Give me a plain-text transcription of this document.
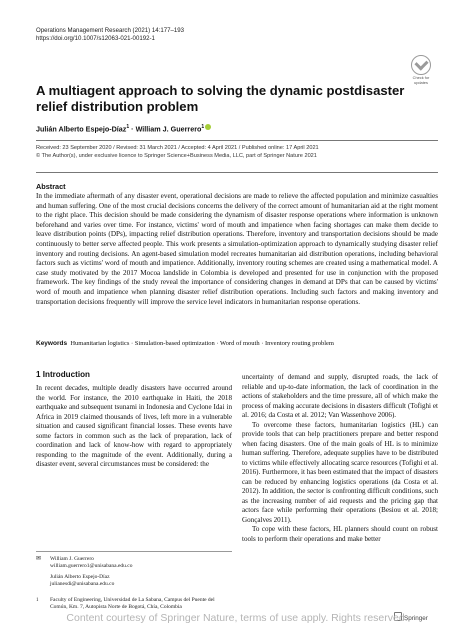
Operations Management Research (2021) 14:177–193
https://doi.org/10.1007/s12063-021-00192-1
Check for
updates
A multiagent approach to solving the dynamic postdisaster relief distribution problem
Julián Alberto Espejo-Díaz$^1$ · William J. Guerrero$^1$
Received: 23 September 2020 / Revised: 31 March 2021 / Accepted: 4 April 2021 / Published online: 17 April 2021
© The Author(s), under exclusive licence to Springer Science+Business Media, LLC, part of Springer Nature 2021
Abstract
In the immediate aftermath of any disaster event, operational decisions are made to relieve the affected population and minimize casualties and human suffering. One of the most crucial decisions concerns the delivery of the correct amount of humanitarian aid at the right moment to the right place. This decision should be made considering the dynamism of disaster response operations where information is unknown beforehand and varies over time. For instance, victims' word of mouth and impatience when facing shortages can make them decide to leave distribution points (DPs), impacting relief distribution operations. Therefore, inventory and transportation decisions should be made continuously to better serve affected people. This work presents a simulation-optimization approach to dynamically studying disaster relief inventory and routing decisions. An agent-based simulation model recreates humanitarian aid distribution operations, including behavioral factors such as victims' word of mouth and impatience. Additionally, inventory routing schemes are created using a mathematical model. A case study motivated by the 2017 Mocoa landslide in Colombia is developed and presented for use in conjunction with the proposed framework. The key findings of the study reveal the importance of considering changes in demand at DPs that can be caused by victims' word of mouth and impatience when planning disaster relief distribution operations. Including such factors and making inventory and transportation decisions frequently will improve the service level indicators in humanitarian response operations.
Keywords Humanitarian logistics · Simulation-based optimization · Word of mouth · Inventory routing problem
1 Introduction

In recent decades, multiple deadly disasters have occurred around the world. For instance, the 2010 earthquake in Haiti, the 2018 earthquake and subsequent tsunami in Indonesia and Cyclone Idai in Africa in 2019 claimed thousands of lives, left more in a vulnerable situation and caused significant financial losses. These events have some factors in common such as the lack of preparation, lack of coordination and lack of know-how with regard to appropriately responding to the magnitude of the event. Additionally, during a disaster event, several circumstances must be considered: the

uncertainty of demand and supply, disrupted roads, the lack of reliable and up-to-date information, the lack of coordination in the actions of stakeholders and the time pressure, all of which make the process of making accurate decisions in disasters difficult (Tofighi et al. 2016; da Costa et al. 2012; Van Wassenhove 2006).

To overcome these factors, humanitarian logistics (HL) can provide tools that can help practitioners prepare and better respond when facing disasters. One of the main goals of HL is to minimize human suffering. Therefore, adequate supplies have to be distributed to victims while effectively allocating scarce resources (Tofighi et al. 2016). Furthermore, it has been estimated that the impact of disasters can be reduced by enhancing logistics operations (da Costa et al. 2012). In addition, the sector is confronting difficult conditions, such as the increasing number of aid requests and the pricing gap that actors face while performing their operations (Besiou et al. 2018; Gonçalves 2011).

To cope with these factors, HL planners should count on robust tools to perform their operations and make better

✉ William J. Guerrero
william.guerrero1@unisabana.edu.co
Julián Alberto Espejo-Díaz
julianesdi@unisabana.edu.co
1 Faculty of Engineering, Universidad de La Sabana, Campus del Puente del Común, Km. 7, Autopista Norte de Bogotá, Chía, Colombia
Springer
Content courtesy of Springer Nature, terms of use apply. Rights reserved.
